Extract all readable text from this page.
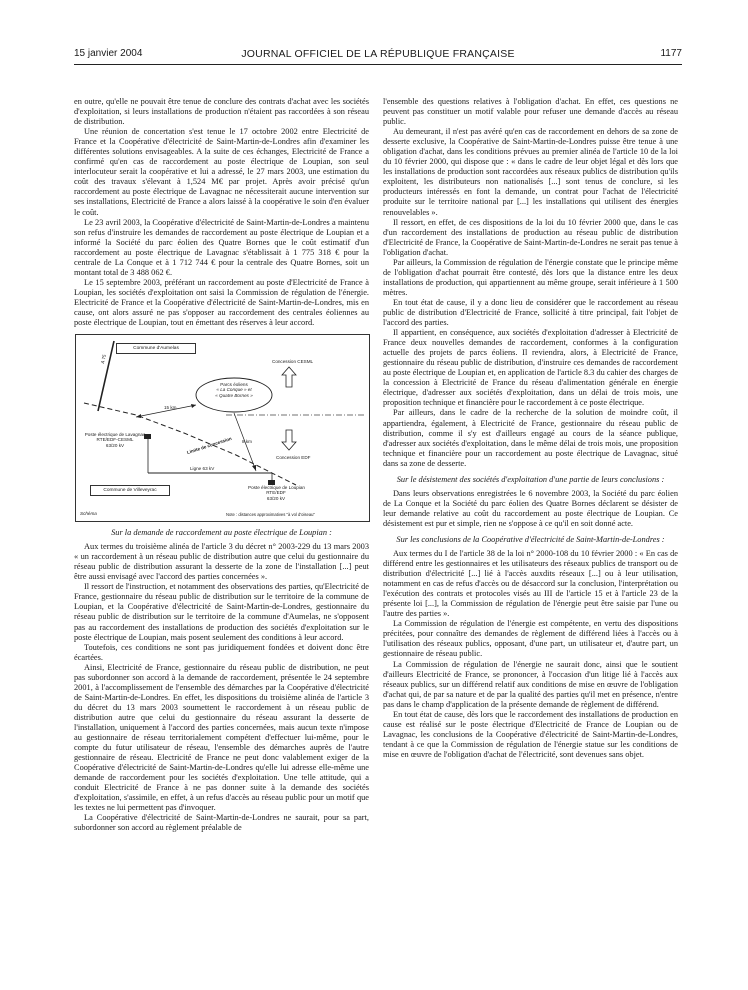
15 janvier 2004	JOURNAL OFFICIEL DE LA RÉPUBLIQUE FRANÇAISE	1177

en outre, qu'elle ne pouvait être tenue de conclure des contrats d'achat avec les sociétés d'exploitation, si leurs installations de production n'étaient pas raccordées à son réseau de distribution.

Une réunion de concertation s'est tenue le 17 octobre 2002 entre Electricité de France et la Coopérative d'électricité de Saint-Martin-de-Londres afin d'examiner les différentes solutions envisageables. A la suite de ces échanges, Electricité de France a confirmé qu'en cas de raccordement au poste électrique de Loupian, son seul interlocuteur serait la coopérative et lui a adressé, le 27 mars 2003, une estimation du coût des travaux s'élevant à 1,524 M€ par projet. Après avoir précisé qu'un raccordement au poste électrique de Lavagnac ne nécessiterait aucune intervention sur ses installations, Electricité de France a alors laissé à la coopérative le soin d'en évaluer le coût.

Le 23 avril 2003, la Coopérative d'électricité de Saint-Martin-de-Londres a maintenu son refus d'instruire les demandes de raccordement au poste électrique de Loupian et a informé la Société du parc éolien des Quatre Bornes que le coût estimatif d'un raccordement au poste électrique de Lavagnac s'établissait à 1 775 318 € pour la centrale de La Conque et à 1 712 744 € pour la centrale des Quatre Bornes, soit un montant total de 3 488 062 €.

Le 15 septembre 2003, préférant un raccordement au poste d'Electricité de France à Loupian, les sociétés d'exploitation ont saisi la Commission de régulation de l'énergie. Electricité de France et la Coopérative d'électricité de Saint-Martin-de-Londres, mis en cause, ont alors assuré ne pas s'opposer au raccordement des centrales éoliennes au poste électrique de Loupian, tout en émettant des réserves à leur accord.

Commune d'Aumelas
Concession CESML
Parcs éoliens
« La Conque » et
« Quatre Bornes »
15 km
A 75
Concession EDF
Limite de concession 8 km
Poste électrique de Lavagnac
RTE/EDF-CESML
63/20 kV
Ligne 63 kV
Poste électrique de Loupian
RTE/EDF
63/20 kV
Commune de Villeveyrac
Schéma	Note : distances approximatives "à vol d'oiseau"

Sur la demande de raccordement au poste électrique de Loupian :

Aux termes du troisième alinéa de l'article 3 du décret n° 2003-229 du 13 mars 2003 « un raccordement à un réseau public de distribution autre que celui du gestionnaire du réseau public de distribution assurant la desserte de la zone de l'installation [...] peut être aussi envisagé avec l'accord des parties concernées ».

Il ressort de l'instruction, et notamment des observations des parties, qu'Electricité de France, gestionnaire du réseau public de distribution sur le territoire de la commune de Loupian, et la Coopérative d'électricité de Saint-Martin-de-Londres, gestionnaire du réseau public de distribution sur le territoire de la commune d'Aumelas, ne s'opposent pas au raccordement des installations de production des sociétés d'exploitation sur le poste électrique de Loupian, mais posent seulement des conditions à leur accord.

Toutefois, ces conditions ne sont pas juridiquement fondées et doivent donc être écartées.

Ainsi, Electricité de France, gestionnaire du réseau public de distribution, ne peut pas subordonner son accord à la demande de raccordement, présentée le 24 septembre 2001, à l'accomplissement de l'ensemble des démarches par la Coopérative d'électricité de Saint-Martin-de-Londres. En effet, les dispositions du troisième alinéa de l'article 3 du décret du 13 mars 2003 soumettent le raccordement à un réseau public de distribution autre que celui du gestionnaire du réseau assurant la desserte de l'installation, uniquement à l'accord des parties concernées, mais aucun texte n'impose au gestionnaire de réseau territorialement compétent d'effectuer lui-même, pour le compte du futur utilisateur de réseau, l'ensemble des démarches auprès de l'autre gestionnaire de réseau. Electricité de France ne peut donc valablement exiger de la Coopérative d'électricité de Saint-Martin-de-Londres qu'elle lui adresse elle-même une demande de raccordement pour les sociétés d'exploitation. Une telle attitude, qui a conduit Electricité de France à ne pas donner suite à la demande des sociétés d'exploitation, s'assimile, en effet, à un refus d'accès au réseau public pour un motif que les textes ne lui permettent pas d'invoquer.

La Coopérative d'électricité de Saint-Martin-de-Londres ne saurait, pour sa part, subordonner son accord au règlement préalable de

l'ensemble des questions relatives à l'obligation d'achat. En effet, ces questions ne peuvent pas constituer un motif valable pour refuser une demande d'accès au réseau public.

Au demeurant, il n'est pas avéré qu'en cas de raccordement en dehors de sa zone de desserte exclusive, la Coopérative de Saint-Martin-de-Londres puisse être tenue à une obligation d'achat, dans les conditions prévues au premier alinéa de l'article 10 de la loi du 10 février 2000, qui dispose que : « dans le cadre de leur objet légal et dès lors que les installations de production sont raccordées aux réseaux publics de distribution qu'ils exploitent, les distributeurs non nationalisés [...] sont tenus de conclure, si les producteurs intéressés en font la demande, un contrat pour l'achat de l'électricité produite sur le territoire national par [...] les installations qui utilisent des énergies renouvelables ».

Il ressort, en effet, de ces dispositions de la loi du 10 février 2000 que, dans le cas d'un raccordement des installations de production au réseau public de distribution d'Electricité de France, la Coopérative de Saint-Martin-de-Londres ne serait pas tenue à l'obligation d'achat.

Par ailleurs, la Commission de régulation de l'énergie constate que le principe même de l'obligation d'achat pourrait être contesté, dès lors que la distance entre les deux installations de production, qui appartiennent au même groupe, serait inférieure à 1 500 mètres.

En tout état de cause, il y a donc lieu de considérer que le raccordement au réseau public de distribution d'Electricité de France, sollicité à titre principal, fait l'objet de l'accord des parties.

Il appartient, en conséquence, aux sociétés d'exploitation d'adresser à Electricité de France deux nouvelles demandes de raccordement, conformes à la configuration actuelle des projets de parcs éoliens. Il reviendra, alors, à Electricité de France, gestionnaire du réseau public de distribution, d'instruire ces demandes de raccordement au poste électrique de Loupian et, en application de l'article 8.3 du cahier des charges de la concession à Electricité de France du réseau d'alimentation générale en énergie électrique, d'adresser aux sociétés d'exploitation, dans un délai de trois mois, une proposition technique et financière pour le raccordement à ce poste électrique.

Par ailleurs, dans le cadre de la recherche de la solution de moindre coût, il appartiendra, également, à Electricité de France, gestionnaire du réseau public de distribution, comme il s'y est d'ailleurs engagé au cours de la séance publique, d'adresser aux sociétés d'exploitation, dans le même délai de trois mois, une proposition technique et financière pour un raccordement au poste électrique de Lavagnac, situé dans sa zone de desserte.

Sur le désistement des sociétés d'exploitation d'une partie de leurs conclusions :

Dans leurs observations enregistrées le 6 novembre 2003, la Société du parc éolien de La Conque et la Société du parc éolien des Quatre Bornes déclarent se désister de leur demande relative au coût du raccordement au poste électrique de Loupian. Ce désistement est pur et simple, rien ne s'oppose à ce qu'il en soit donné acte.

Sur les conclusions de la Coopérative d'électricité de Saint-Martin-de-Londres :

Aux termes du I de l'article 38 de la loi n° 2000-108 du 10 février 2000 : « En cas de différend entre les gestionnaires et les utilisateurs des réseaux publics de transport ou de distribution d'électricité [...] lié à l'accès auxdits réseaux [...] ou à leur utilisation, notamment en cas de refus d'accès ou de désaccord sur la conclusion, l'interprétation ou l'exécution des contrats et protocoles visés au III de l'article 15 et à l'article 23 de la présente loi [...], la Commission de régulation de l'énergie peut être saisie par l'une ou l'autre des parties ».

La Commission de régulation de l'énergie est compétente, en vertu des dispositions précitées, pour connaître des demandes de règlement de différend liées à l'accès ou à l'utilisation des réseaux publics, opposant, d'une part, un utilisateur et, d'autre part, un gestionnaire de réseau public.

La Commission de régulation de l'énergie ne saurait donc, ainsi que le soutient d'ailleurs Electricité de France, se prononcer, à l'occasion d'un litige lié à l'accès aux réseaux publics, sur un différend relatif aux conditions de mise en œuvre de l'obligation d'achat qui, de par sa nature et de par la qualité des parties qu'il met en présence, n'entre pas dans le champ d'application de la présente demande de règlement de différend.

En tout état de cause, dès lors que le raccordement des installations de production en cause est réalisé sur le poste électrique d'Electricité de France de Loupian ou de Lavagnac, les conclusions de la Coopérative d'électricité de Saint-Martin-de-Londres, tendant à ce que la Commission de régulation de l'énergie statue sur les conditions de mise en œuvre de l'obligation d'achat de l'électricité, sont devenues sans objet.
